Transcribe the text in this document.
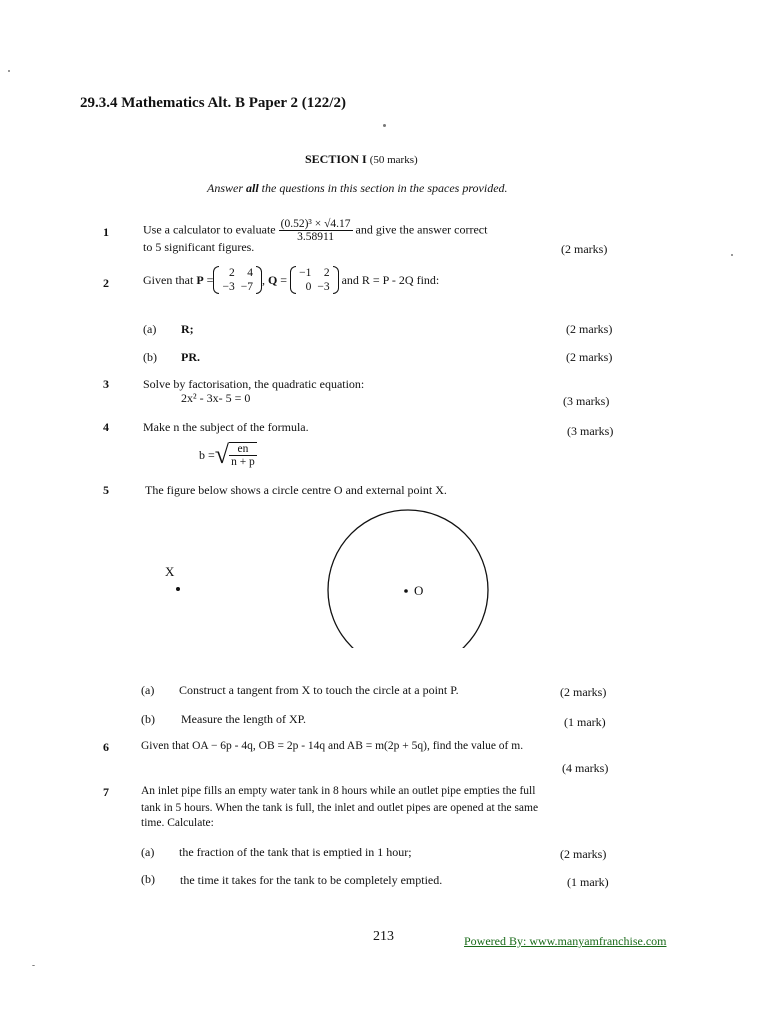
29.3.4 Mathematics Alt. B Paper 2 (122/2)
SECTION I (50 marks)
Answer all the questions in this section in the spaces provided.
1	Use a calculator to evaluate $\frac{\text{(0.52)³ × √4.17}}{3.58911}$ and give the answer correct
to 5 significant figures.	(2 marks)
2	Given that
P = 2	4
−3	−7
, Q = −1	2
0	−3

and R = P - 2Q find:
(a) R;	(2 marks)
(b) PR.	(2 marks)
3	Solve by factorisation, the quadratic equation:
2x² - 3x- 5 = 0	(3 marks)
4	Make n the subject of the formula.	(3 marks)
b = √ $\frac{en}{n + p}$
5	The figure below shows a circle centre O and external point X.
X
O
(a) Construct a tangent from X to touch the circle at a point P.	(2 marks)
(b) Measure the length of XP.	(1 mark)
6	Given that OA − 6p - 4q, OB = 2p - 14q and AB = m(2p + 5q), find the value of m.
(4 marks)
7	An inlet pipe fills an empty water tank in 8 hours while an outlet pipe empties the full
tank in 5 hours. When the tank is full, the inlet and outlet pipes are opened at the same
time. Calculate:
(a) the fraction of the tank that is emptied in 1 hour;	(2 marks)
(b) the time it takes for the tank to be completely emptied.	(1 mark)
213	Powered By: www.manyamfranchise.com
